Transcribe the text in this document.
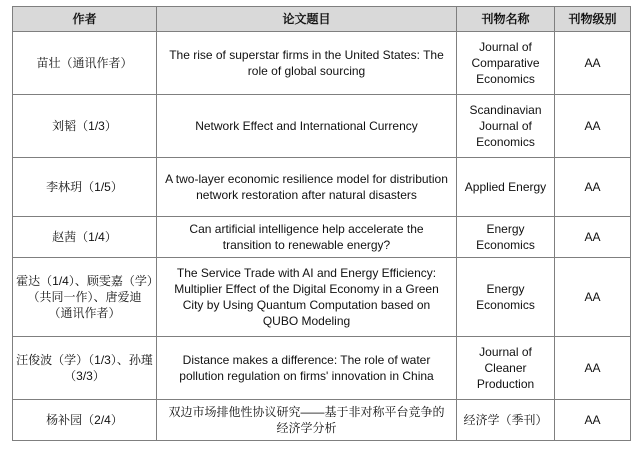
作者	论文题目	刊物名称	刊物级别
苗壮（通讯作者）	The rise of superstar firms in the United States: The role of global sourcing	Journal of Comparative Economics	AA
刘韬（1/3）	Network Effect and International Currency	Scandinavian Journal of Economics	AA
李林玥（1/5）	A two-layer economic resilience model for distribution network restoration after natural disasters	Applied Energy	AA
赵茜（1/4）	Can artificial intelligence help accelerate the transition to renewable energy?	Energy Economics	AA
霍达（1/4）、顾雯嘉（学）（共同一作）、唐爱迪（通讯作者）	The Service Trade with AI and Energy Efficiency: Multiplier Effect of the Digital Economy in a Green City by Using Quantum Computation based on QUBO Modeling	Energy Economics	AA
汪俊波（学）（1/3）、孙瑾（3/3）	Distance makes a difference: The role of water pollution regulation on firms' innovation in China	Journal of Cleaner Production	AA
杨补园（2/4）	双边市场排他性协议研究——基于非对称平台竞争的经济学分析	经济学（季刊）	AA
